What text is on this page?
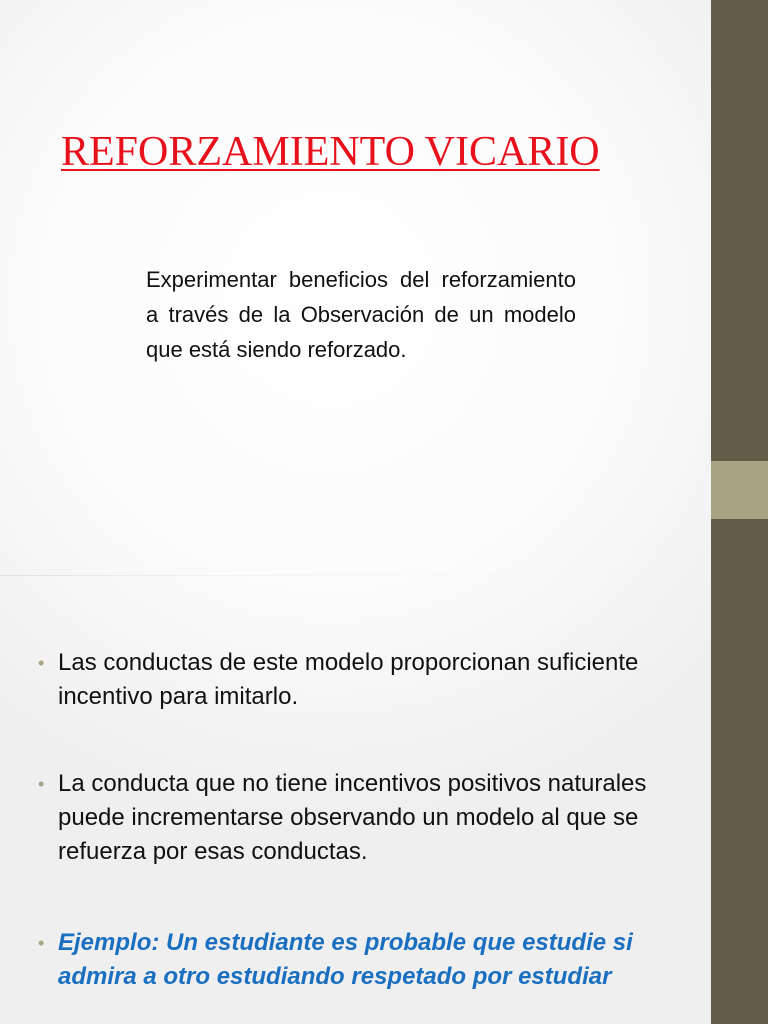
REFORZAMIENTO VICARIO

Experimentar beneficios del reforzamiento a través de la Observación de un modelo que está siendo reforzado.

• Las conductas de este modelo proporcionan suficiente incentivo para imitarlo.
• La conducta que no tiene incentivos positivos naturales puede incrementarse observando un modelo al que se refuerza por esas conductas.
• Ejemplo: Un estudiante es probable que estudie si admira a otro estudiando respetado por estudiar
